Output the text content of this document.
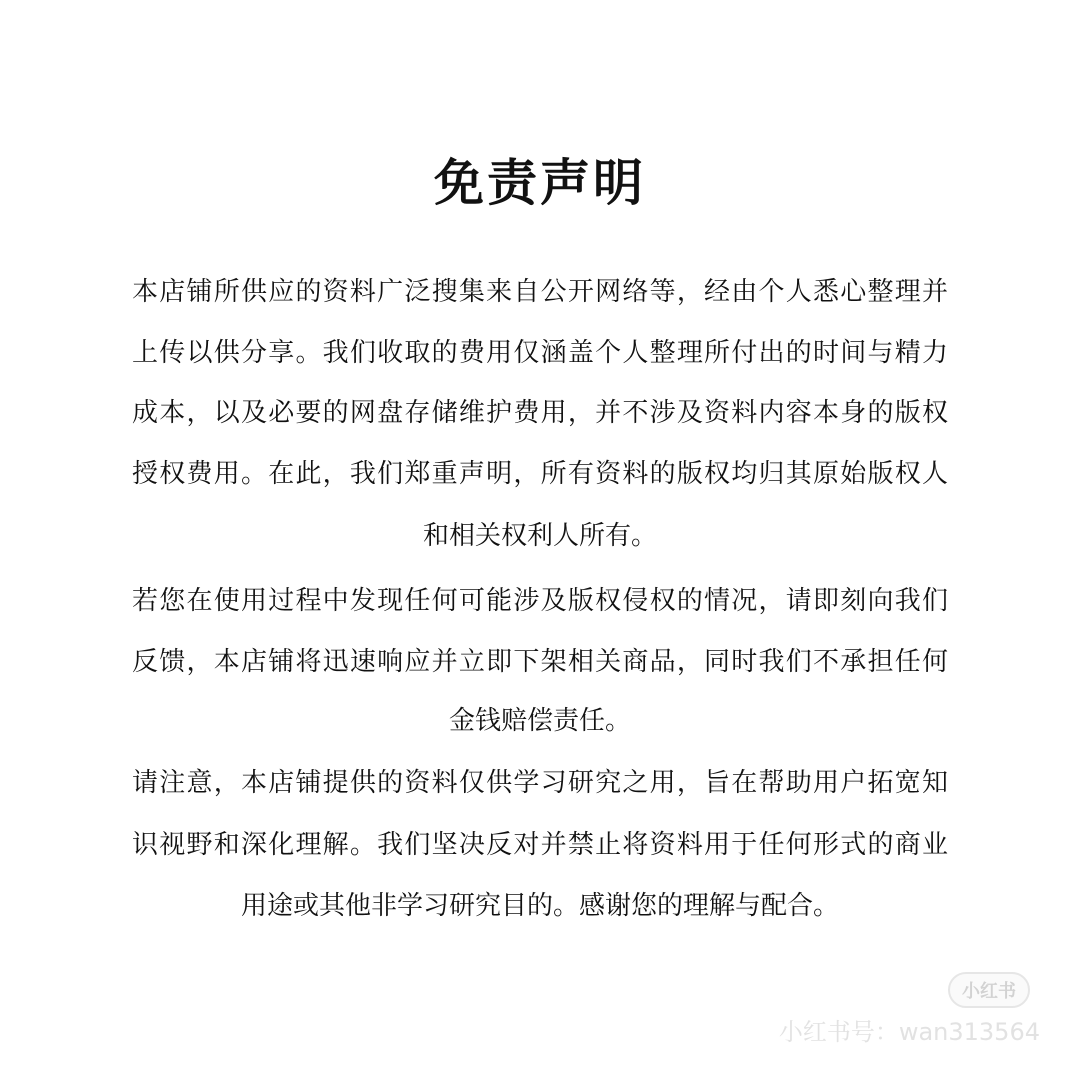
免责声明
本店铺所供应的资料广泛搜集来自公开网络等，经由个人悉心整理并
上传以供分享。我们收取的费用仅涵盖个人整理所付出的时间与精力
成本，以及必要的网盘存储维护费用，并不涉及资料内容本身的版权
授权费用。在此，我们郑重声明，所有资料的版权均归其原始版权人
和相关权利人所有。
若您在使用过程中发现任何可能涉及版权侵权的情况，请即刻向我们
反馈，本店铺将迅速响应并立即下架相关商品，同时我们不承担任何
金钱赔偿责任。
请注意，本店铺提供的资料仅供学习研究之用，旨在帮助用户拓宽知
识视野和深化理解。我们坚决反对并禁止将资料用于任何形式的商业
用途或其他非学习研究目的。感谢您的理解与配合。
小红书
小红书号：wan313564
